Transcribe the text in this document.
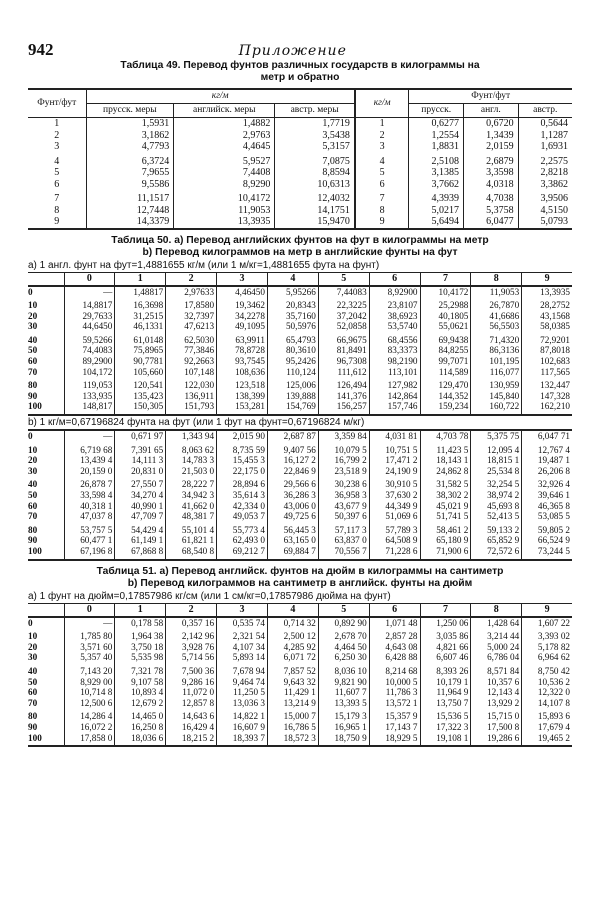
942	Приложение
Таблица 49. Перевод фунтов различных государств в килограммы на
метр и обратно
Фунт/фут	кг/м			кг/м	Фунт/фут		
	прусск. меры	английск. меры	австр. меры		прусск.	англ.	австр.
1	1,5931	1,4882	1,7719	1	0,6277	0,6720	0,5644
2	3,1862	2,9763	3,5438	2	1,2554	1,3439	1,1287
3	4,7793	4,4645	5,3157	3	1,8831	2,0159	1,6931
4	6,3724	5,9527	7,0875	4	2,5108	2,6879	2,2575
5	7,9655	7,4408	8,8594	5	3,1385	3,3598	2,8218
6	9,5586	8,9290	10,6313	6	3,7662	4,0318	3,3862
7	11,1517	10,4172	12,4032	7	4,3939	4,7038	3,9506
8	12,7448	11,9053	14,1751	8	5,0217	5,3758	4,5150
9	14,3379	13,3935	15,9470	9	5,6494	6,0477	5,0793
Таблица 50. а) Перевод английских фунтов на фут в килограммы на метр
b) Перевод килограммов на метр в английские фунты на фут
а) 1 англ. фунт на фут=1,4881655 кг/м (или 1 м/кг=1,4881655 фута на фунт)
	0	1	2	3	4	5	6	7	8	9
0	—	1,48817	2,97633	4,46450	5,95266	7,44083	8,92900	10,4172	11,9053	13,3935
10	14,8817	16,3698	17,8580	19,3462	20,8343	22,3225	23,8107	25,2988	26,7870	28,2752
20	29,7633	31,2515	32,7397	34,2278	35,7160	37,2042	38,6923	40,1805	41,6686	43,1568
30	44,6450	46,1331	47,6213	49,1095	50,5976	52,0858	53,5740	55,0621	56,5503	58,0385
40	59,5266	61,0148	62,5030	63,9911	65,4793	66,9675	68,4556	69,9438	71,4320	72,9201
50	74,4083	75,8965	77,3846	78,8728	80,3610	81,8491	83,3373	84,8255	86,3136	87,8018
60	89,2900	90,7781	92,2663	93,7545	95,2426	96,7308	98,2190	99,7071	101,195	102,683
70	104,172	105,660	107,148	108,636	110,124	111,612	113,101	114,589	116,077	117,565
80	119,053	120,541	122,030	123,518	125,006	126,494	127,982	129,470	130,959	132,447
90	133,935	135,423	136,911	138,399	139,888	141,376	142,864	144,352	145,840	147,328
100	148,817	150,305	151,793	153,281	154,769	156,257	157,746	159,234	160,722	162,210
b) 1 кг/м=0,67196824 фунта на фут (или 1 фут на фунт=0,67196824 м/кг)
0	—	0,671 97	1,343 94	2,015 90	2,687 87	3,359 84	4,031 81	4,703 78	5,375 75	6,047 71
10	6,719 68	7,391 65	8,063 62	8,735 59	9,407 56	10,079 5	10,751 5	11,423 5	12,095 4	12,767 4
20	13,439 4	14,111 3	14,783 3	15,455 3	16,127 2	16,799 2	17,471 2	18,143 1	18,815 1	19,487 1
30	20,159 0	20,831 0	21,503 0	22,175 0	22,846 9	23,518 9	24,190 9	24,862 8	25,534 8	26,206 8
40	26,878 7	27,550 7	28,222 7	28,894 6	29,566 6	30,238 6	30,910 5	31,582 5	32,254 5	32,926 4
50	33,598 4	34,270 4	34,942 3	35,614 3	36,286 3	36,958 3	37,630 2	38,302 2	38,974 2	39,646 1
60	40,318 1	40,990 1	41,662 0	42,334 0	43,006 0	43,677 9	44,349 9	45,021 9	45,693 8	46,365 8
70	47,037 8	47,709 7	48,381 7	49,053 7	49,725 6	50,397 6	51,069 6	51,741 5	52,413 5	53,085 5
80	53,757 5	54,429 4	55,101 4	55,773 4	56,445 3	57,117 3	57,789 3	58,461 2	59,133 2	59,805 2
90	60,477 1	61,149 1	61,821 1	62,493 0	63,165 0	63,837 0	64,508 9	65,180 9	65,852 9	66,524 9
100	67,196 8	67,868 8	68,540 8	69,212 7	69,884 7	70,556 7	71,228 6	71,900 6	72,572 6	73,244 5
Таблица 51. а) Перевод английск. фунтов на дюйм в килограммы на сантиметр
b) Перевод килограммов на сантиметр в английск. фунты на дюйм
а) 1 фунт на дюйм=0,17857986 кг/см (или 1 см/кг=0,17857986 дюйма на фунт)
	0	1	2	3	4	5	6	7	8	9
0	—	0,178 58	0,357 16	0,535 74	0,714 32	0,892 90	1,071 48	1,250 06	1,428 64	1,607 22
10	1,785 80	1,964 38	2,142 96	2,321 54	2,500 12	2,678 70	2,857 28	3,035 86	3,214 44	3,393 02
20	3,571 60	3,750 18	3,928 76	4,107 34	4,285 92	4,464 50	4,643 08	4,821 66	5,000 24	5,178 82
30	5,357 40	5,535 98	5,714 56	5,893 14	6,071 72	6,250 30	6,428 88	6,607 46	6,786 04	6,964 62
40	7,143 20	7,321 78	7,500 36	7,678 94	7,857 52	8,036 10	8,214 68	8,393 26	8,571 84	8,750 42
50	8,929 00	9,107 58	9,286 16	9,464 74	9,643 32	9,821 90	10,000 5	10,179 1	10,357 6	10,536 2
60	10,714 8	10,893 4	11,072 0	11,250 5	11,429 1	11,607 7	11,786 3	11,964 9	12,143 4	12,322 0
70	12,500 6	12,679 2	12,857 8	13,036 3	13,214 9	13,393 5	13,572 1	13,750 7	13,929 2	14,107 8
80	14,286 4	14,465 0	14,643 6	14,822 1	15,000 7	15,179 3	15,357 9	15,536 5	15,715 0	15,893 6
90	16,072 2	16,250 8	16,429 4	16,607 9	16,786 5	16,965 1	17,143 7	17,322 3	17,500 8	17,679 4
100	17,858 0	18,036 6	18,215 2	18,393 7	18,572 3	18,750 9	18,929 5	19,108 1	19,286 6	19,465 2
